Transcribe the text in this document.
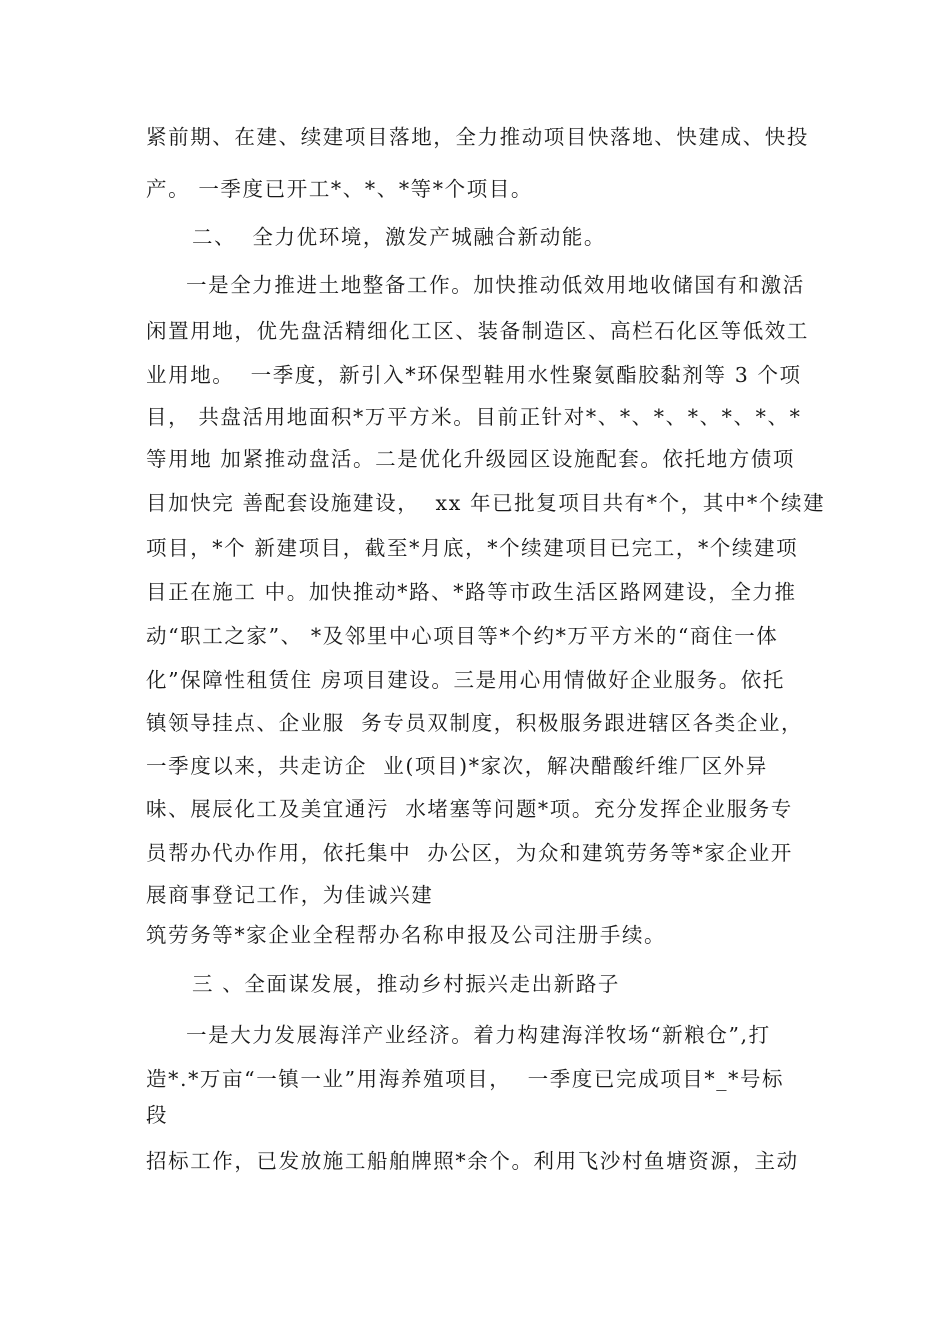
紧前期、在建、续建项目落地，全力推动项目快落地、快建成、快投
产。 一季度已开工*、*、*等*个项目。
二、  全力优环境，激发产城融合新动能。
一是全力推进土地整备工作。加快推动低效用地收储国有和激活
闲置用地，优先盘活精细化工区、装备制造区、高栏石化区等低效工
业用地。  一季度，新引入*环保型鞋用水性聚氨酯胶黏剂等 3 个项
目， 共盘活用地面积*万平方米。目前正针对*、*、*、*、*、*、*
等用地 加紧推动盘活。二是优化升级园区设施配套。依托地方债项
目加快完 善配套设施建设，  xx 年已批复项目共有*个，其中*个续建
项目，*个 新建项目，截至*月底，*个续建项目已完工，*个续建项
目正在施工 中。加快推动*路、*路等市政生活区路网建设，全力推
动“职工之家”、 *及邻里中心项目等*个约*万平方米的“商住一体
化”保障性租赁住 房项目建设。三是用心用情做好企业服务。依托
镇领导挂点、企业服  务专员双制度，积极服务跟进辖区各类企业，
一季度以来，共走访企  业(项目)*家次，解决醋酸纤维厂区外异
味、展辰化工及美宜通污  水堵塞等问题*项。充分发挥企业服务专
员帮办代办作用，依托集中  办公区，为众和建筑劳务等*家企业开
展商事登记工作，为佳诚兴建
筑劳务等*家企业全程帮办名称申报及公司注册手续。
三 、全面谋发展，推动乡村振兴走出新路子
一是大力发展海洋产业经济。着力构建海洋牧场“新粮仓”,打
造*.*万亩“一镇一业”用海养殖项目，  一季度已完成项目*_*号标
段
招标工作，已发放施工船舶牌照*余个。利用飞沙村鱼塘资源，主动
